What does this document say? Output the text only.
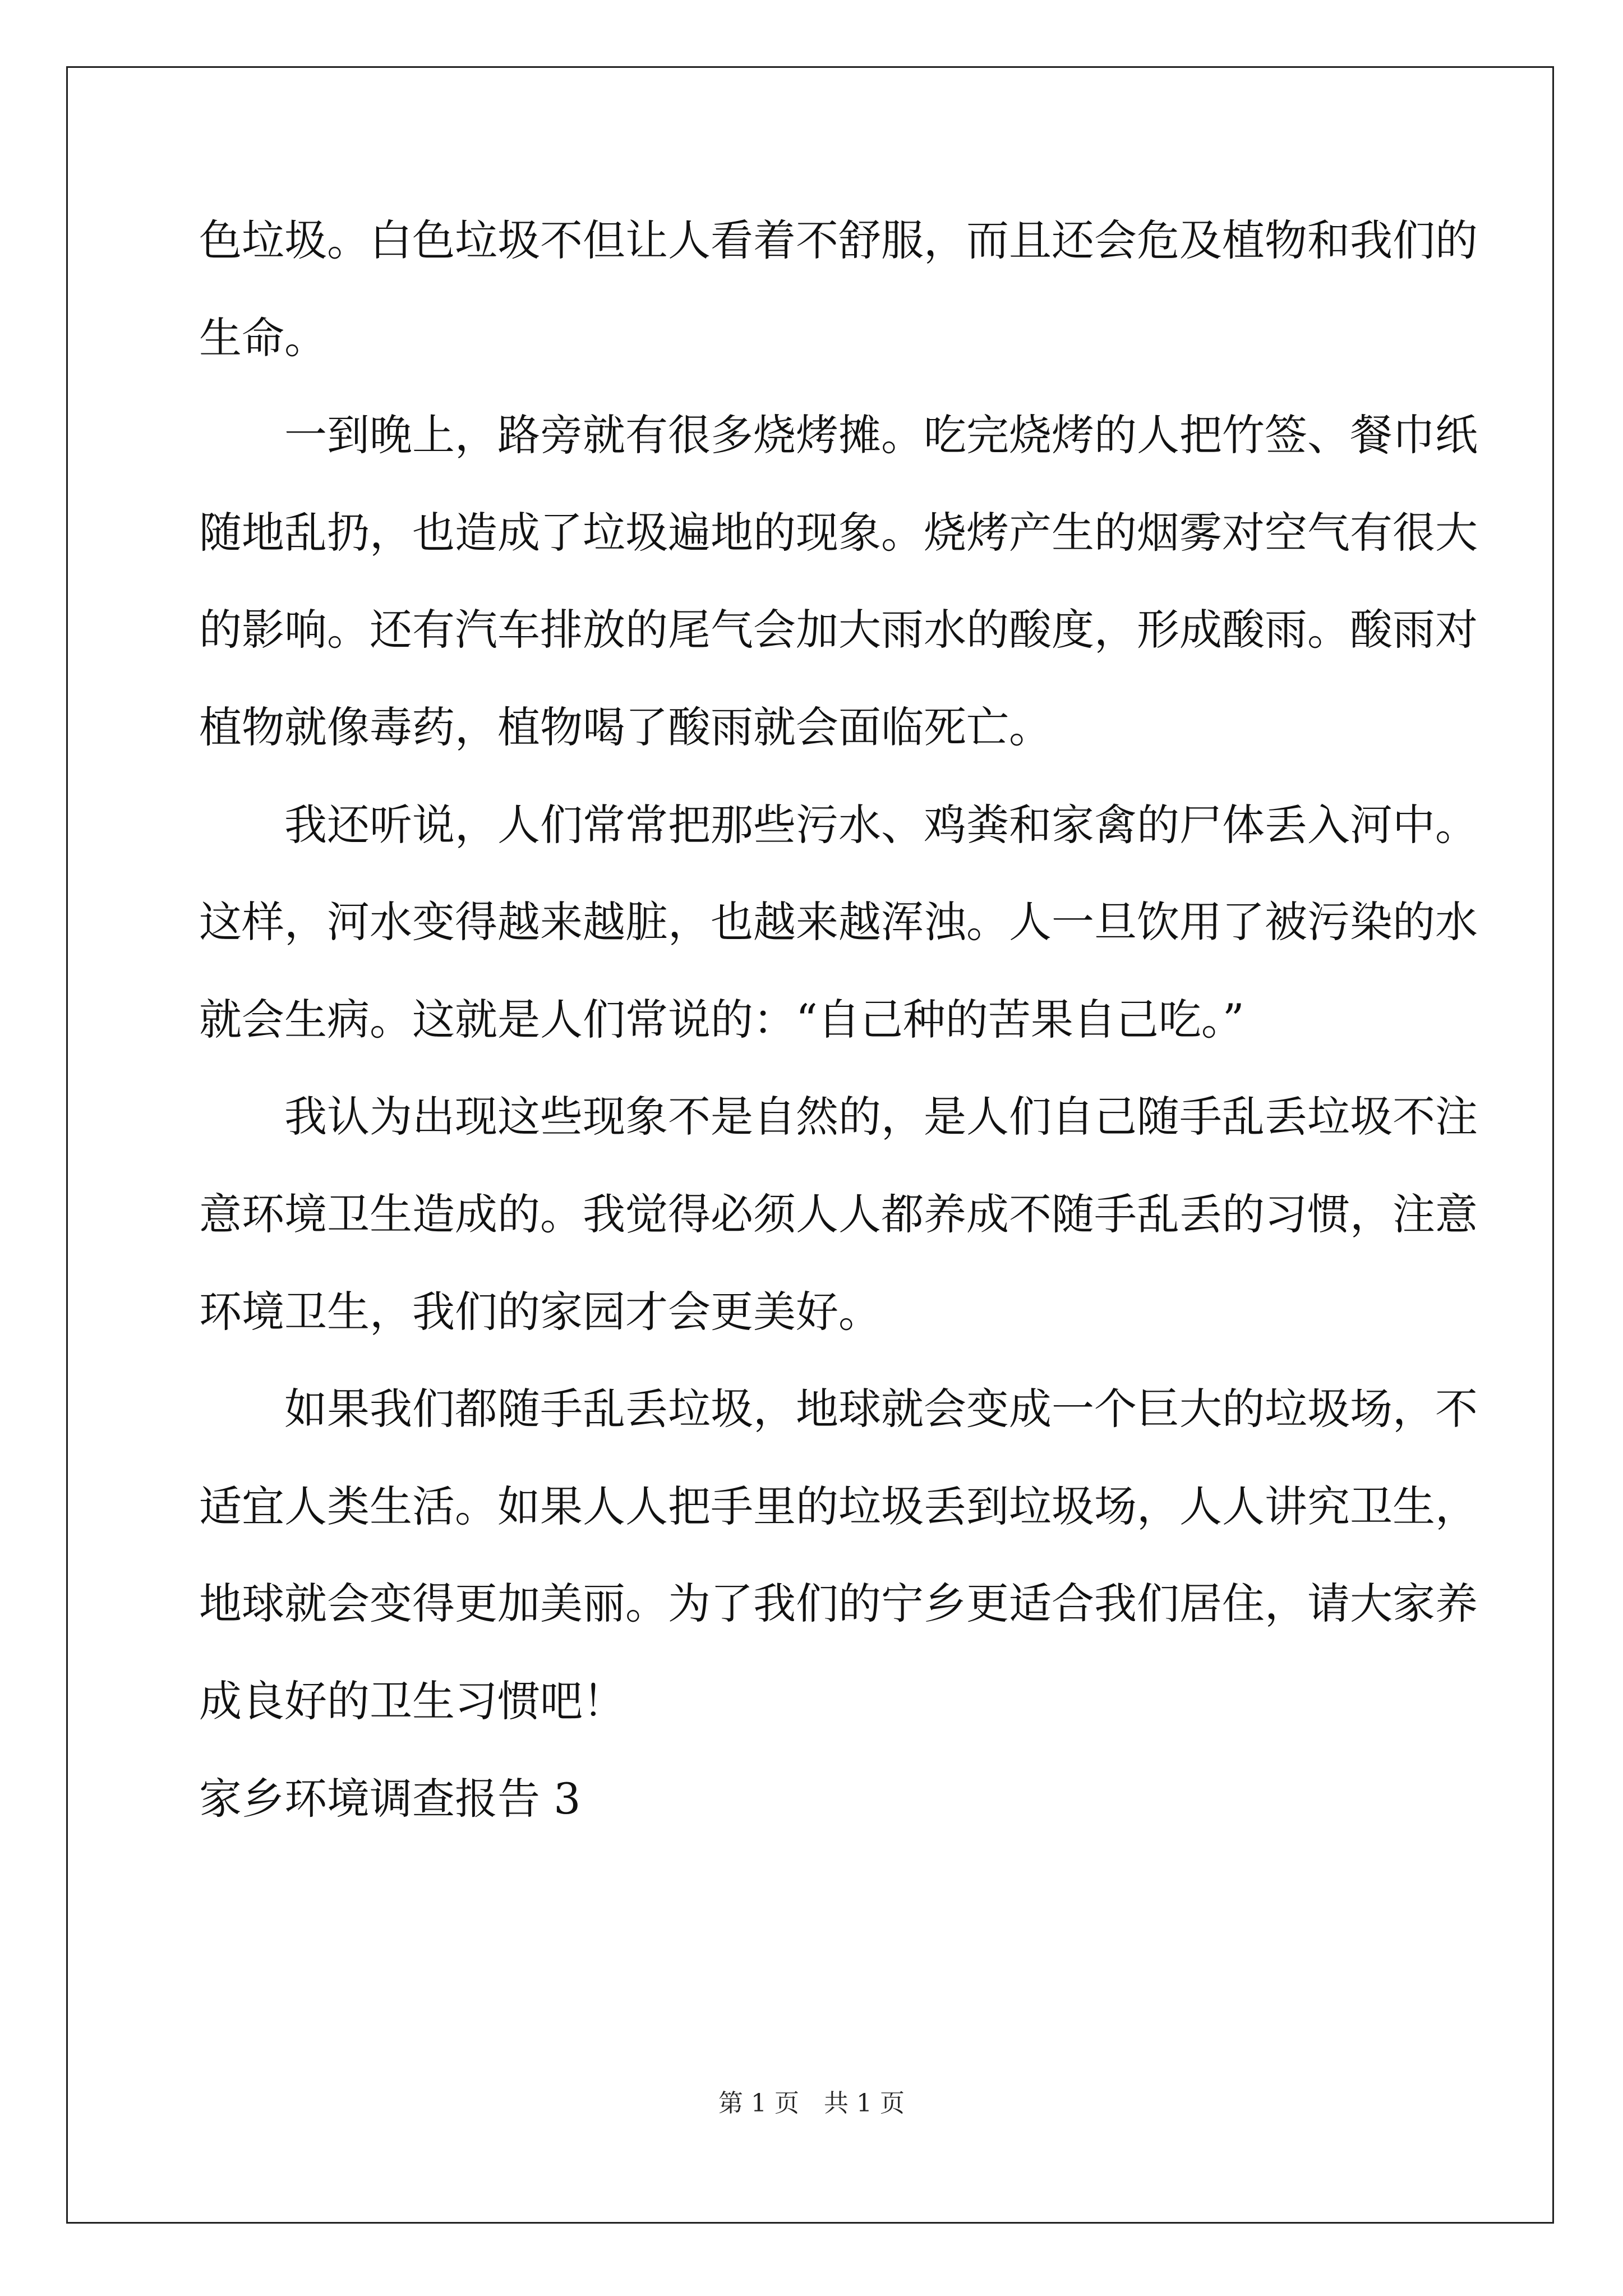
色垃圾。白色垃圾不但让人看着不舒服，而且还会危及植物和我们的
生命。
一到晚上，路旁就有很多烧烤摊。吃完烧烤的人把竹签、餐巾纸
随地乱扔，也造成了垃圾遍地的现象。烧烤产生的烟雾对空气有很大
的影响。还有汽车排放的尾气会加大雨水的酸度，形成酸雨。酸雨对
植物就像毒药，植物喝了酸雨就会面临死亡。
我还听说，人们常常把那些污水、鸡粪和家禽的尸体丢入河中。
这样，河水变得越来越脏，也越来越浑浊。人一旦饮用了被污染的水
就会生病。这就是人们常说的：“自己种的苦果自己吃。”
我认为出现这些现象不是自然的，是人们自己随手乱丢垃圾不注
意环境卫生造成的。我觉得必须人人都养成不随手乱丢的习惯，注意
环境卫生，我们的家园才会更美好。
如果我们都随手乱丢垃圾，地球就会变成一个巨大的垃圾场，不
适宜人类生活。如果人人把手里的垃圾丢到垃圾场，人人讲究卫生，
地球就会变得更加美丽。为了我们的宁乡更适合我们居住，请大家养
成良好的卫生习惯吧！
家乡环境调查报告 3
第 1 页　共 1 页
